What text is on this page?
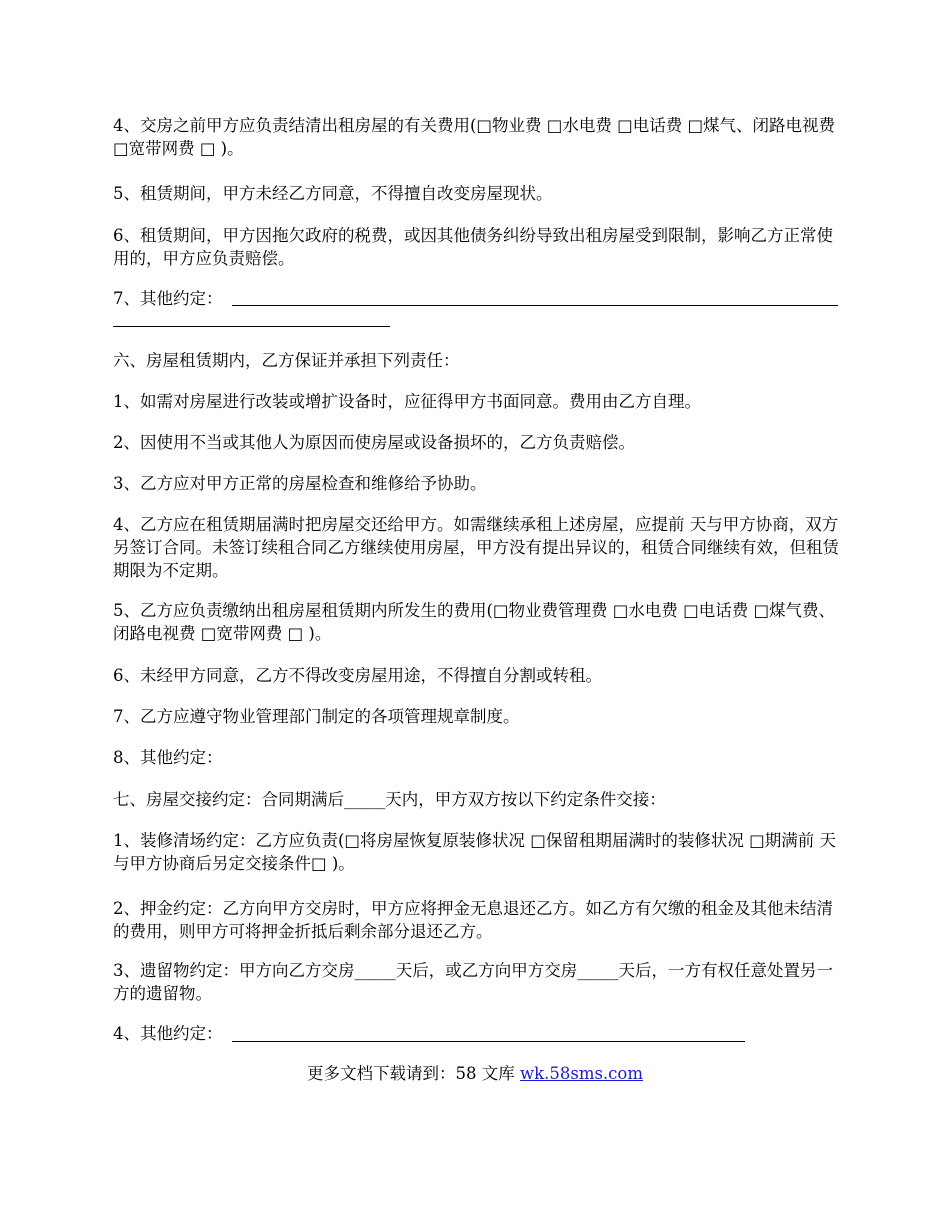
4、交房之前甲方应负责结清出租房屋的有关费用(□物业费 □水电费 □电话费 □煤气、闭路电视费 □宽带网费 □ )。

5、租赁期间，甲方未经乙方同意，不得擅自改变房屋现状。

6、租赁期间，甲方因拖欠政府的税费，或因其他债务纠纷导致出租房屋受到限制，影响乙方正常使用的，甲方应负责赔偿。

7、其他约定：

六、房屋租赁期内，乙方保证并承担下列责任：

1、如需对房屋进行改装或增扩设备时，应征得甲方书面同意。费用由乙方自理。

2、因使用不当或其他人为原因而使房屋或设备损坏的，乙方负责赔偿。

3、乙方应对甲方正常的房屋检查和维修给予协助。

4、乙方应在租赁期届满时把房屋交还给甲方。如需继续承租上述房屋，应提前 天与甲方协商，双方另签订合同。未签订续租合同乙方继续使用房屋，甲方没有提出异议的，租赁合同继续有效，但租赁期限为不定期。

5、乙方应负责缴纳出租房屋租赁期内所发生的费用(□物业费管理费 □水电费 □电话费 □煤气费、闭路电视费 □宽带网费 □ )。

6、未经甲方同意，乙方不得改变房屋用途，不得擅自分割或转租。

7、乙方应遵守物业管理部门制定的各项管理规章制度。

8、其他约定：

七、房屋交接约定：合同期满后_____天内，甲方双方按以下约定条件交接：

1、装修清场约定：乙方应负责(□将房屋恢复原装修状况 □保留租期届满时的装修状况 □期满前 天与甲方协商后另定交接条件□ )。

2、押金约定：乙方向甲方交房时，甲方应将押金无息退还乙方。如乙方有欠缴的租金及其他未结清的费用，则甲方可将押金折抵后剩余部分退还乙方。

3、遗留物约定：甲方向乙方交房_____天后，或乙方向甲方交房_____天后，一方有权任意处置另一方的遗留物。

4、其他约定：

更多文档下载请到：58 文库 wk.58sms.com
